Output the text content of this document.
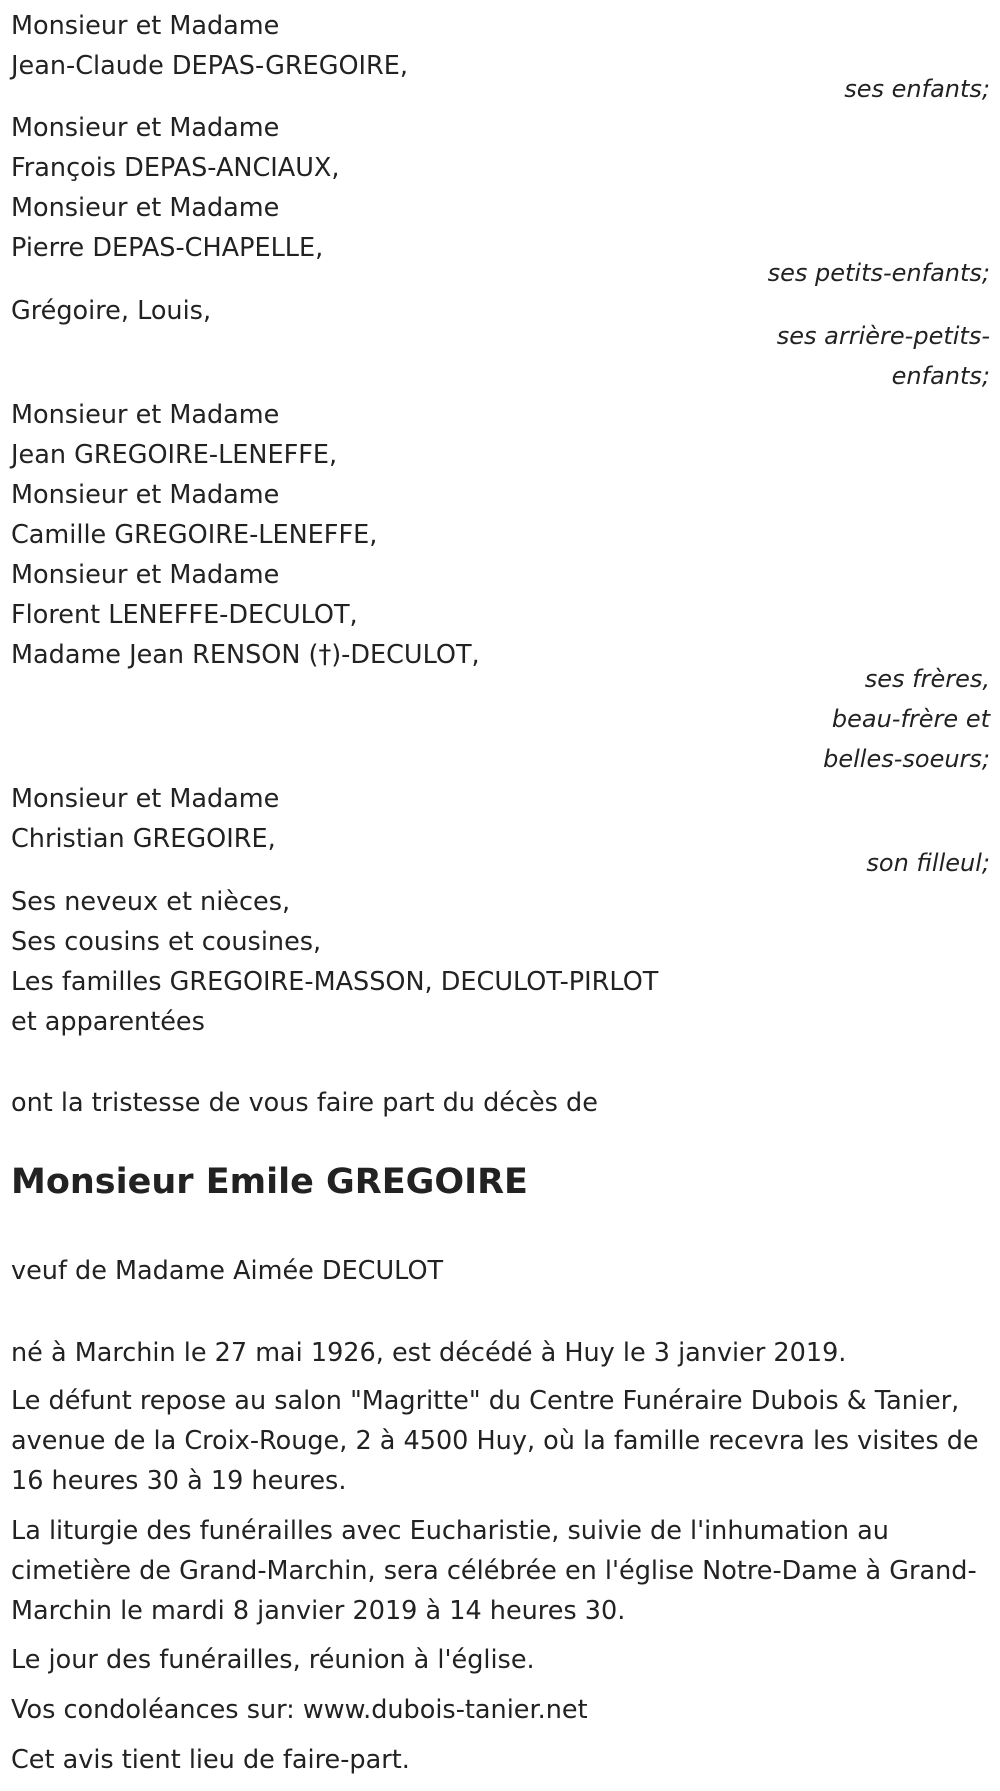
Monsieur et Madame
Jean-Claude DEPAS-GREGOIRE,
ses enfants;
Monsieur et Madame
François DEPAS-ANCIAUX,
Monsieur et Madame
Pierre DEPAS-CHAPELLE,
ses petits-enfants;
Grégoire, Louis,
ses arrière-petits-
enfants;
Monsieur et Madame
Jean GREGOIRE-LENEFFE,
Monsieur et Madame
Camille GREGOIRE-LENEFFE,
Monsieur et Madame
Florent LENEFFE-DECULOT,
Madame Jean RENSON (†)-DECULOT,
ses frères,
beau-frère et
belles-soeurs;
Monsieur et Madame
Christian GREGOIRE,
son filleul;
Ses neveux et nièces,
Ses cousins et cousines,
Les familles GREGOIRE-MASSON, DECULOT-PIRLOT
et apparentées
ont la tristesse de vous faire part du décès de
Monsieur Emile GREGOIRE
veuf de Madame Aimée DECULOT
né à Marchin le 27 mai 1926, est décédé à Huy le 3 janvier 2019.
Le défunt repose au salon "Magritte" du Centre Funéraire Dubois & Tanier, avenue de la Croix-Rouge, 2 à 4500 Huy, où la famille recevra les visites de 16 heures 30 à 19 heures.
La liturgie des funérailles avec Eucharistie, suivie de l'inhumation au cimetière de Grand-Marchin, sera célébrée en l'église Notre-Dame à Grand-Marchin le mardi 8 janvier 2019 à 14 heures 30.
Le jour des funérailles, réunion à l'église.
Vos condoléances sur: www.dubois-tanier.net
Cet avis tient lieu de faire-part.
